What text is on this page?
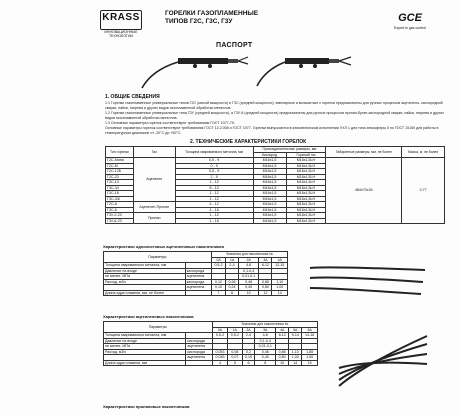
KRASS
ИННОВАЦИОННЫЕ ТЕХНОЛОГИИ
ГОРЕЛКИ ГАЗОПЛАМЕННЫЕ
ТИПОВ Г2С, Г3С, Г3У	GCE
Expert in gas control
ПАСПОРТ
1. ОБЩИЕ СВЕДЕНИЯ
1.1 Горелки газопламенные универсальные типов Г2С (малой мощности) и Г3С (средней мощности), ювелирные и вольчатные с горелки предназначены для ручных процессов ацетилено- кислородной сварки, пайки, нагрева и других видов газопламенной обработки металлов.
1.2 Горелки газопламенные универсальные типа Г3У (средней мощности), а Г3У-6 (средней мощности) предназначены для ручных процессов пропан-бутан-кислородной сварки, пайки, нагрева и других видов газопламенной обработки металлов.
1.3 Основные параметры горелок соответствуют требованиям ГОСТ 1077-79.
Основные параметры горелок соответствуют требованиям ГОСТ 12.2.008 и ГОСТ 1077. Горелки выпускаются в климатическом исполнении УХЛ 1 для типа атмосферы II по ГОСТ 15150 для работы в температурном диапазоне от -20°С до +50°С.
2. ТЕХНИЧЕСКИЕ ХАРАКТЕРИСТИКИ ГОРЕЛОК
Тип горелки	Газ	Толщина свариваемого металла, мм	Присоединительные размеры, мм		Габаритные размеры, мм, не более	Масса, кг, не более
			Кислород	Горючий газ		
Г2С-Мини	Ацетилен	0,5 - 9	М16х1,5	М16х1,5LH	484х70х34	0.77
Г2С-М		0 - 9	М16х1,5	М16х1,5LH		
Г2С-12Б		0,5 - 9	М16х1,5	М16х1,5LH		
Г2С-23		2 - 9	М16х1,5	М16х1,5LH		
Г3С-13		1 - 12	М16х1,5	М16х1,5LH		
Г3С-34		6 - 12	М16х1,5	М16х1,5LH		
Г3С-16		1 - 12	М16х1,5	М16х1,5LH		
Г3С-3/6		1 - 12	М16х1,5	М16х1,5LH		
Г2С-6	Ацетилен-Пропан	4 - 12	М16х1,5	М16х1,5LH		
Г3С-6		4 - 16	М16х1,5	М16х1,5LH		
Г3У-2-23	Пропан	1 - 12	М16х1,5	М16х1,5LH		
Г3У-6-23		1 - 15	М16х1,5	М16х1,5LH		
Характеристики однопостовых ацетиленовых наконечников
Параметры		Значения для наконечника №				
		0А	1А	2А	3А	4А
Толщина свариваемого металла, мм		0,5-2	2-4	4-6	6-12	12-15
Давление на входе	кислорода			0,1-0,4		
не менее, МПа	ацетилена			0,01-0,1		
Расход, м3/ч	кислорода	0,12	0,28	0,48	0,86	1,10
	ацетилена	0,10	0,24	0,45	0,80	1,00
Длина ядра пламени, мм, не более		7	8	10	12	14
Характеристики ацетиленовых наконечников
Параметры		Значения для наконечника №						
		0А	1А	2А	3А	4А	5А	6А
Толщина свариваемого металла, мм		0,5-2	0,5-2	2-4	4-6	6-12	9-14	14-16
Давление на входе	кислорода				0,1-0,4			
не менее, МПа	ацетилена				0,01-0,1			
Расход, м3/ч	кислорода	0,053	0,08	0,2	0,46	0,86	1,10	1,85
	ацетилена	0,045	0,07	0,19	0,40	0,80	1,00	1,50
Длина ядра пламени, мм		4	5	6	8	10	14	15
Характеристики пропановых наконечников
